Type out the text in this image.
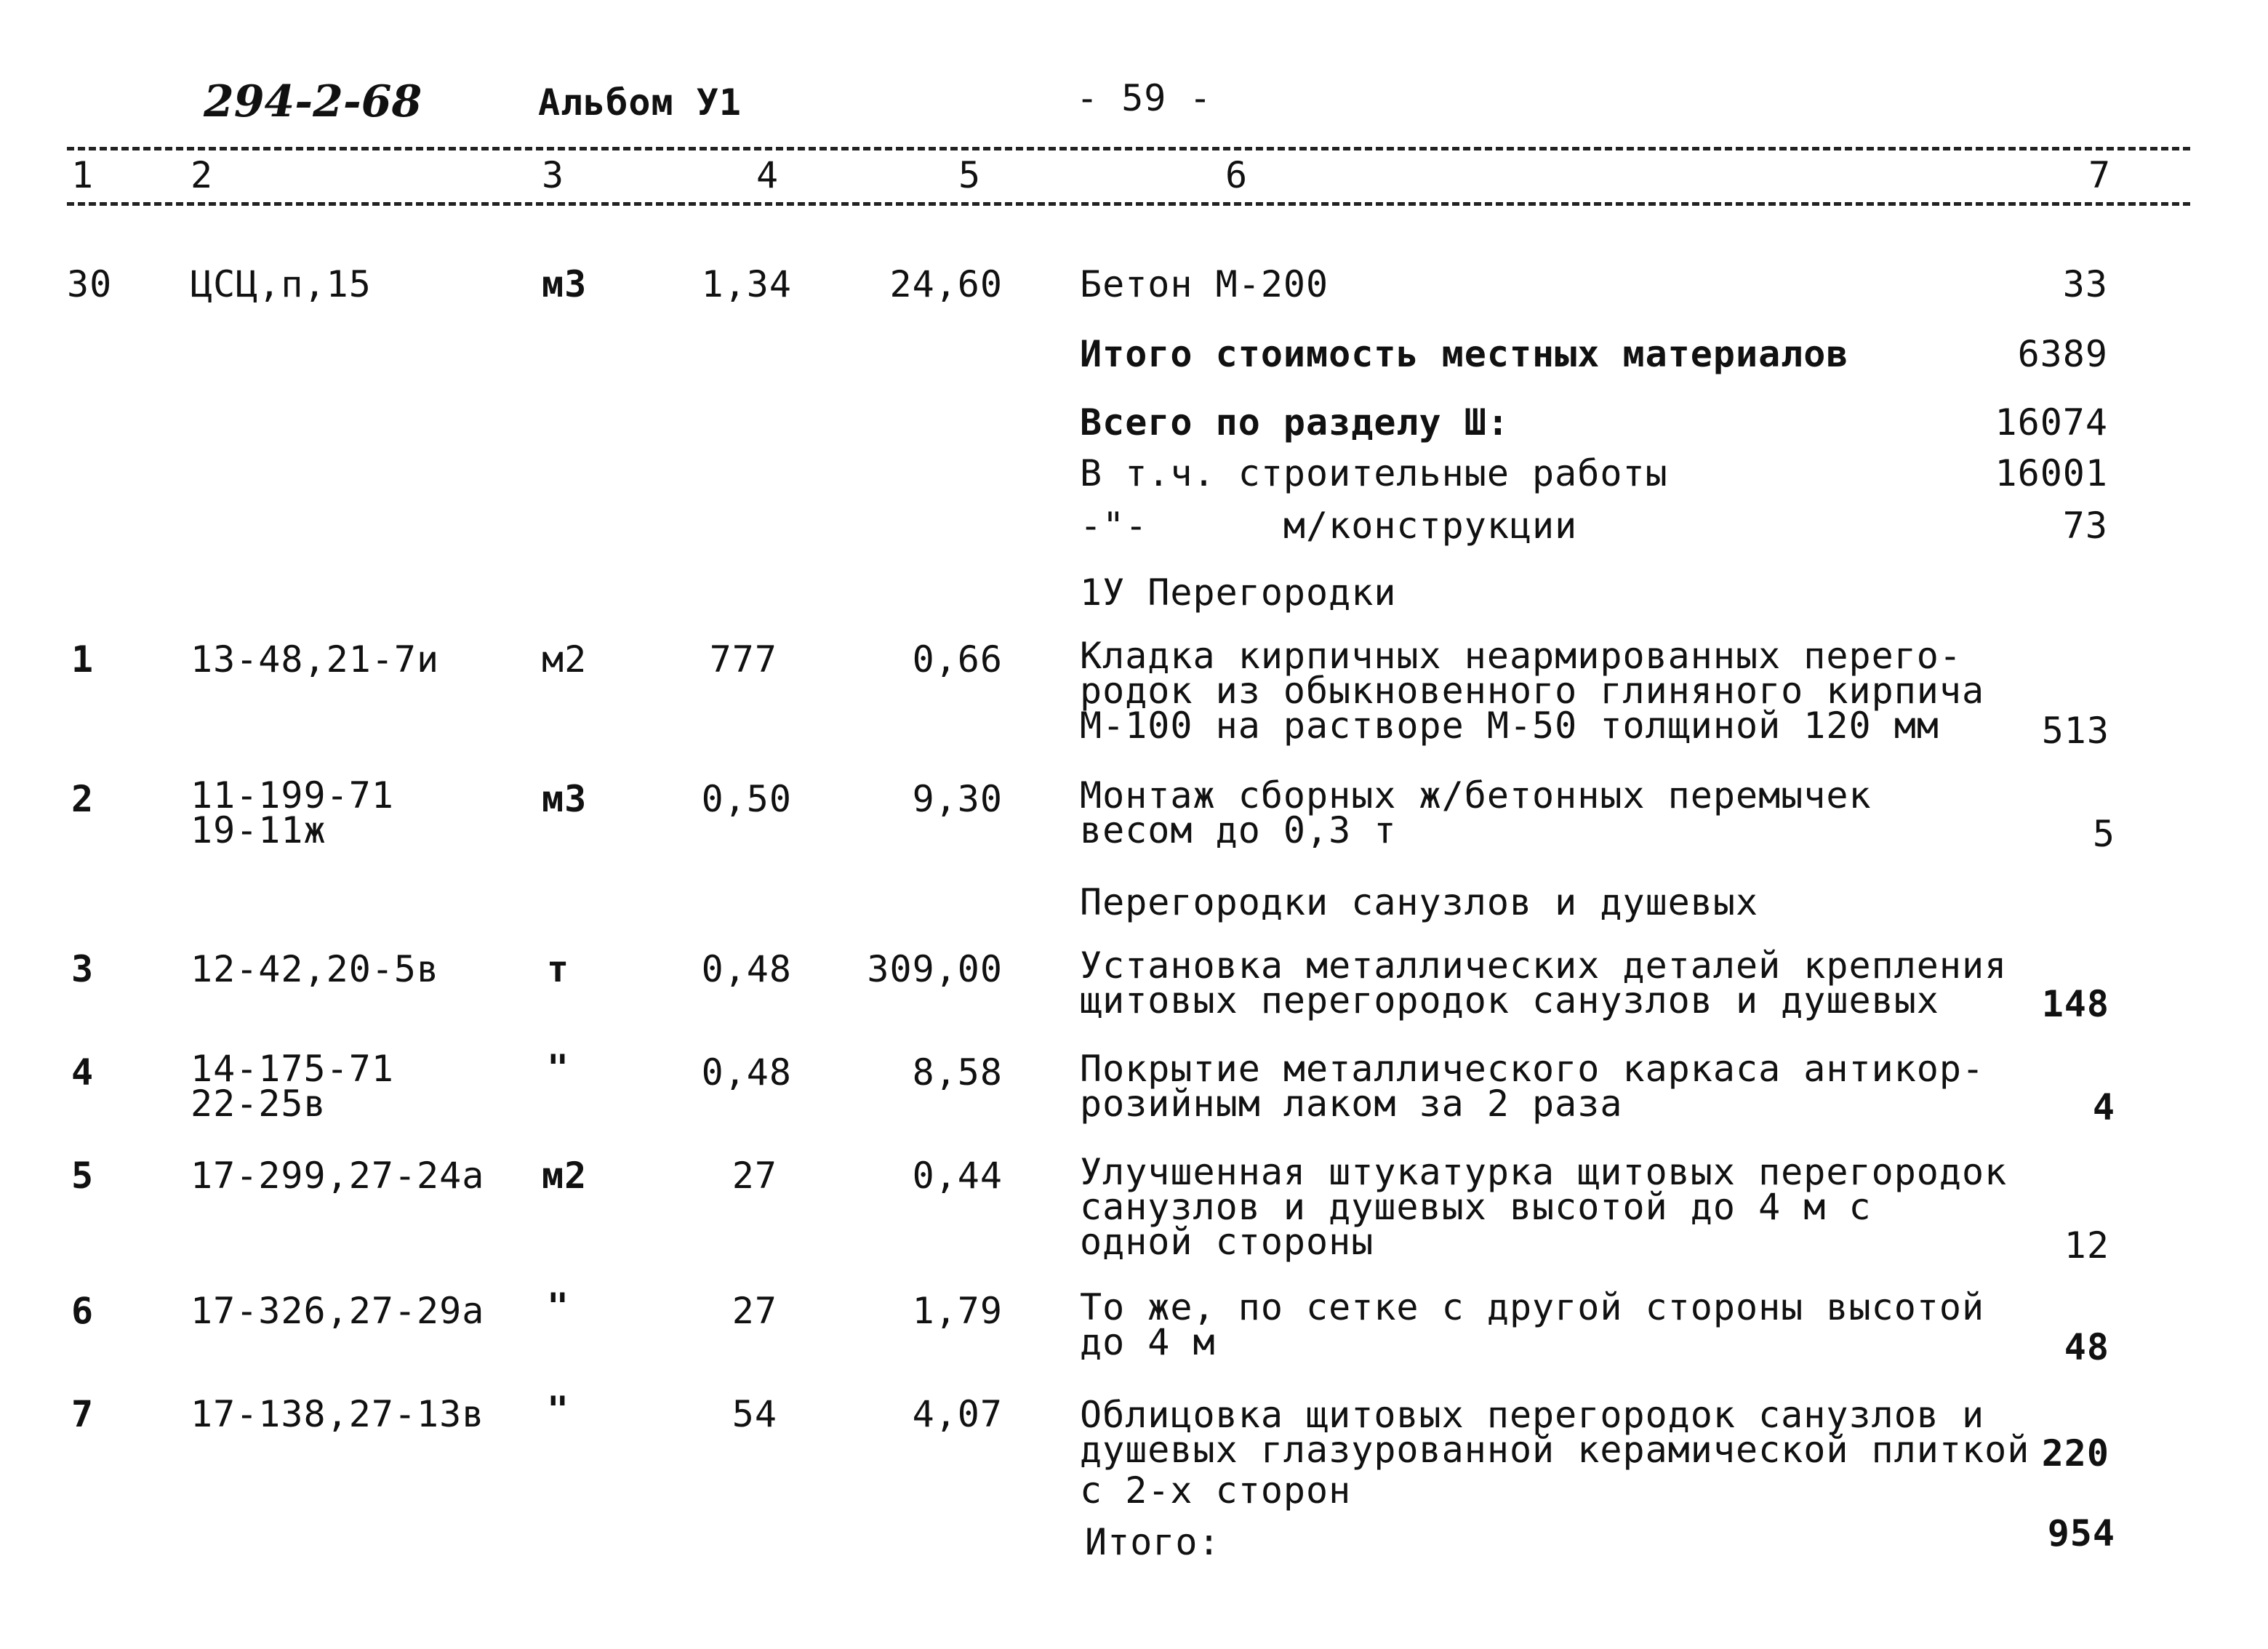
294-2-68	Альбом У1	- 59 -
1	2	3	4	5	6	7
30 ЦСЦ,п,15	м3	1,34	24,60 Бетон М-200	33
Итого стоимость местных материалов	6389
Всего по разделу Ш:	16074
В т.ч. строительные работы	16001
-"-      м/конструкции	73
1У Перегородки
1	13-48,21-7и	м2	777	0,66 Кладка кирпичных неармированных перего-
родок из обыкновенного глиняного кирпича
М-100 на растворе М-50 толщиной 120 мм	513
2	11-199-71
19-11ж
м3	0,50	9,30 Монтаж сборных ж/бетонных перемычек
весом до 0,3 т	5
Перегородки санузлов и душевых
3	12-42,20-5в	т	0,48 309,00 Установка металлических деталей крепления
щитовых перегородок санузлов и душевых	148
4	14-175-71
22-25в
"	0,48	8,58 Покрытие металлического каркаса антикор-
розийным лаком за 2 раза	4
5	17-299,27-24а м2	27	0,44 Улучшенная штукатурка щитовых перегородок
санузлов и душевых высотой до 4 м с
одной стороны	12
6	17-326,27-29а "	27	1,79 То же, по сетке с другой стороны высотой
до 4 м	48
7	17-138,27-13в "	54	4,07 Облицовка щитовых перегородок санузлов и
душевых глазурованной керамической плиткой
с 2-х сторон
220
Итого:	954
